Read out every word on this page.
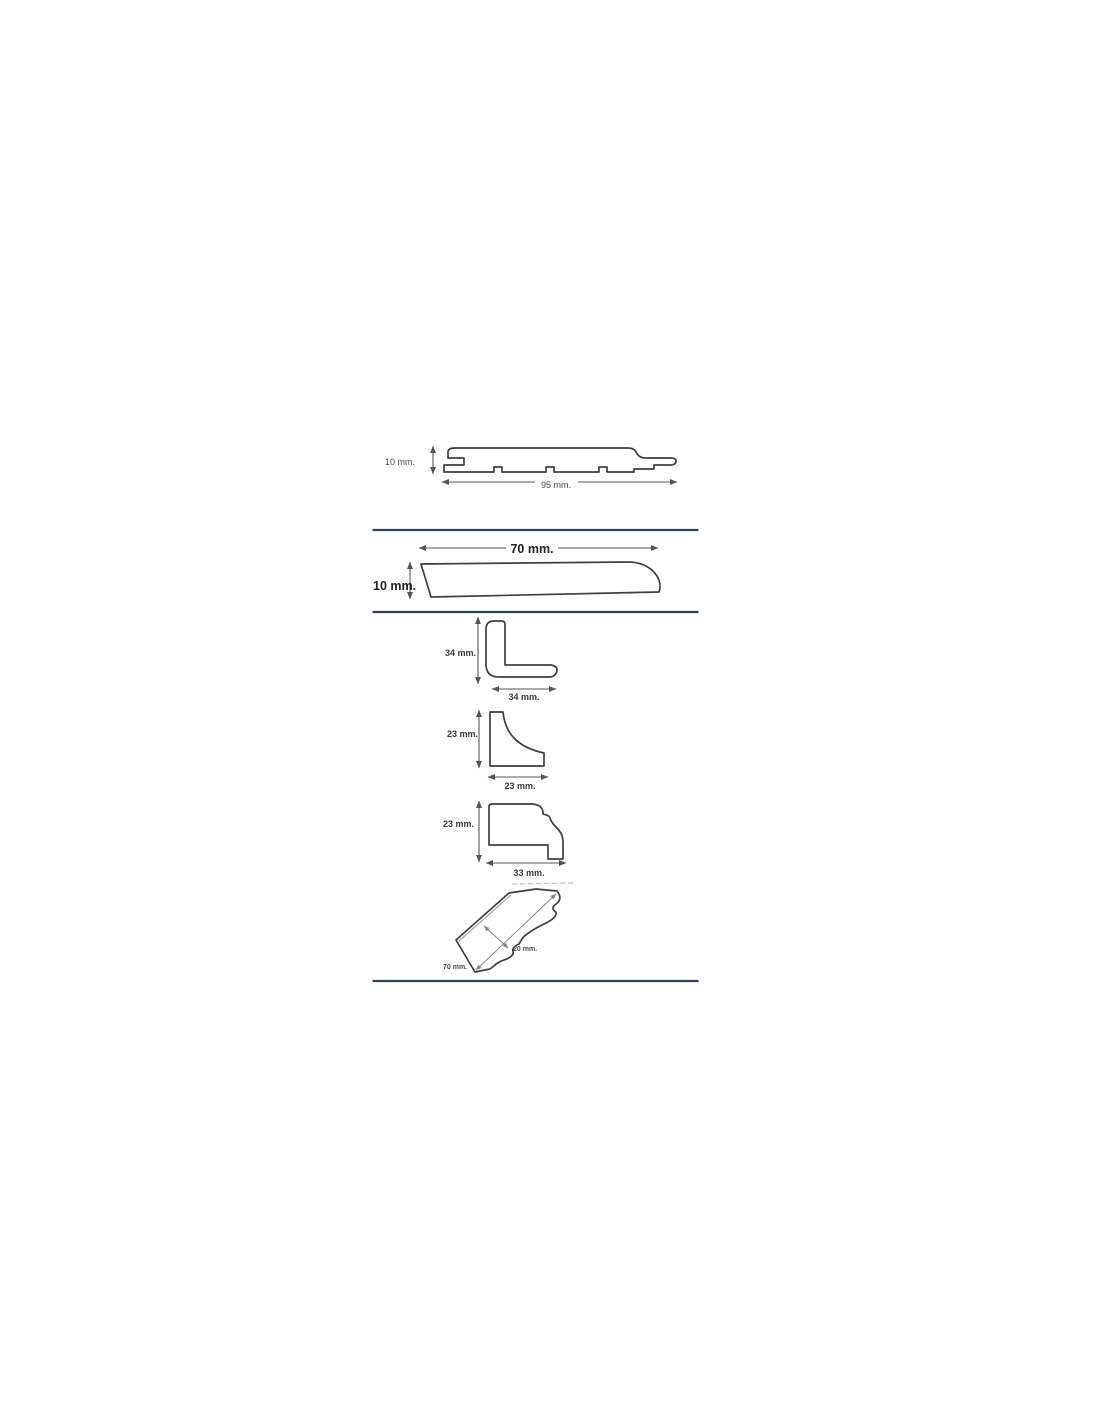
10 mm.
95 mm.
70 mm.
10 mm.
34 mm.
34 mm.
23 mm.
23 mm.
23 mm.
33 mm.
20 mm.
70 mm.
